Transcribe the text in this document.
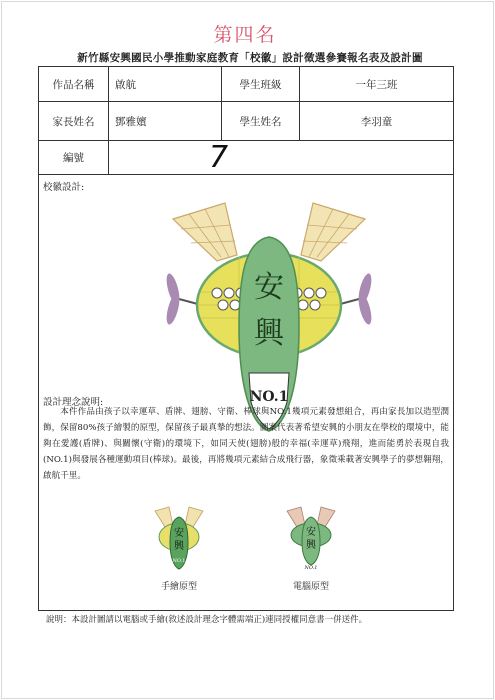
第四名
新竹縣安興國民小學推動家庭教育「校徽」設計徵選參賽報名表及設計圖
作品名稱	啟航	學生班級	一年三班
家長姓名	鄧雅嬪	學生姓名	李羽童
編號	7
校徽設計:
安
興
NO.1
設計理念說明:

本件作品由孩子以幸運草、盾牌、翅膀、守衛、棒球與NO.1幾項元素發想組合，再由家長加以造型潤飾，保留80%孩子繪製的原型，保留孩子最真摯的想法。圖案代表著希望安興的小朋友在學校的環境中，能夠在愛護(盾牌)、與關懷(守衛)的環境下，如同天使(翅膀)般的幸福(幸運草)飛翔，進而能勇於表現自我(NO.1)與發展各種運動項目(棒球)。最後，再將幾項元素結合成飛行器，象徵乘載著安興學子的夢想翱翔，啟航千里。

安
興
NO.1
手繪原型
安
興
NO.1
電腦原型
說明：本設計圖請以電腦或手繪(敘述設計理念字體需端正)連同授權同意書一併送件。
